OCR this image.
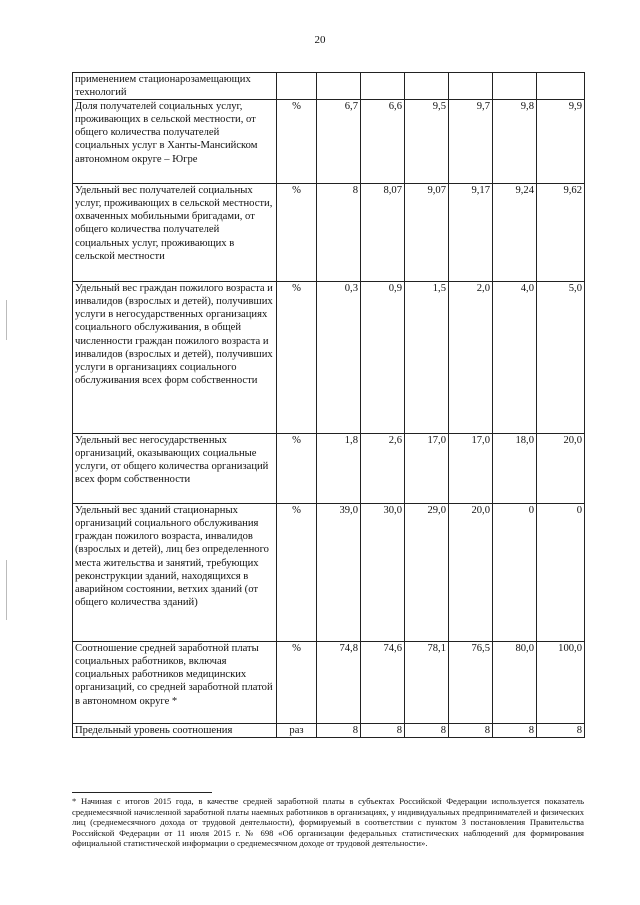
20
применением стационарозамещающих технологий							
Доля получателей социальных услуг, проживающих в сельской местности, от общего количества получателей социальных услуг в Ханты-Мансийском автономном округе – Югре	%	6,7	6,6	9,5	9,7	9,8	9,9
Удельный вес получателей социальных услуг, проживающих в сельской местности, охваченных мобильными бригадами, от общего количества получателей социальных услуг, проживающих в сельской местности	%	8	8,07	9,07	9,17	9,24	9,62
Удельный вес граждан пожилого возраста и инвалидов (взрослых и детей), получивших услуги в негосударственных организациях социального обслуживания, в общей численности граждан пожилого возраста и инвалидов (взрослых и детей), получивших услуги в организациях социального обслуживания всех форм собственности	%	0,3	0,9	1,5	2,0	4,0	5,0
Удельный вес негосударственных организаций, оказывающих социальные услуги, от общего количества организаций всех форм собственности	%	1,8	2,6	17,0	17,0	18,0	20,0
Удельный вес зданий стационарных организаций социального обслуживания граждан пожилого возраста, инвалидов (взрослых и детей), лиц без определенного места жительства и занятий, требующих реконструкции зданий, находящихся в аварийном состоянии, ветхих зданий (от общего количества зданий)	%	39,0	30,0	29,0	20,0	0	0
Соотношение средней заработной платы социальных работников, включая социальных работников медицинских организаций, со средней заработной платой в автономном округе *	%	74,8	74,6	78,1	76,5	80,0	100,0
Предельный уровень соотношения	раз	8	8	8	8	8	8
* Начиная с итогов 2015 года, в качестве средней заработной платы в субъектах Российской Федерации используется показатель среднемесячной начисленной заработной платы наемных работников в организациях, у индивидуальных предпринимателей и физических лиц (среднемесячного дохода от трудовой деятельности), формируемый в соответствии с пунктом 3 постановления Правительства Российской Федерации от 11 июля 2015 г. № 698 «Об организации федеральных статистических наблюдений для формирования официальной статистической информации о среднемесячном доходе от трудовой деятельности».
